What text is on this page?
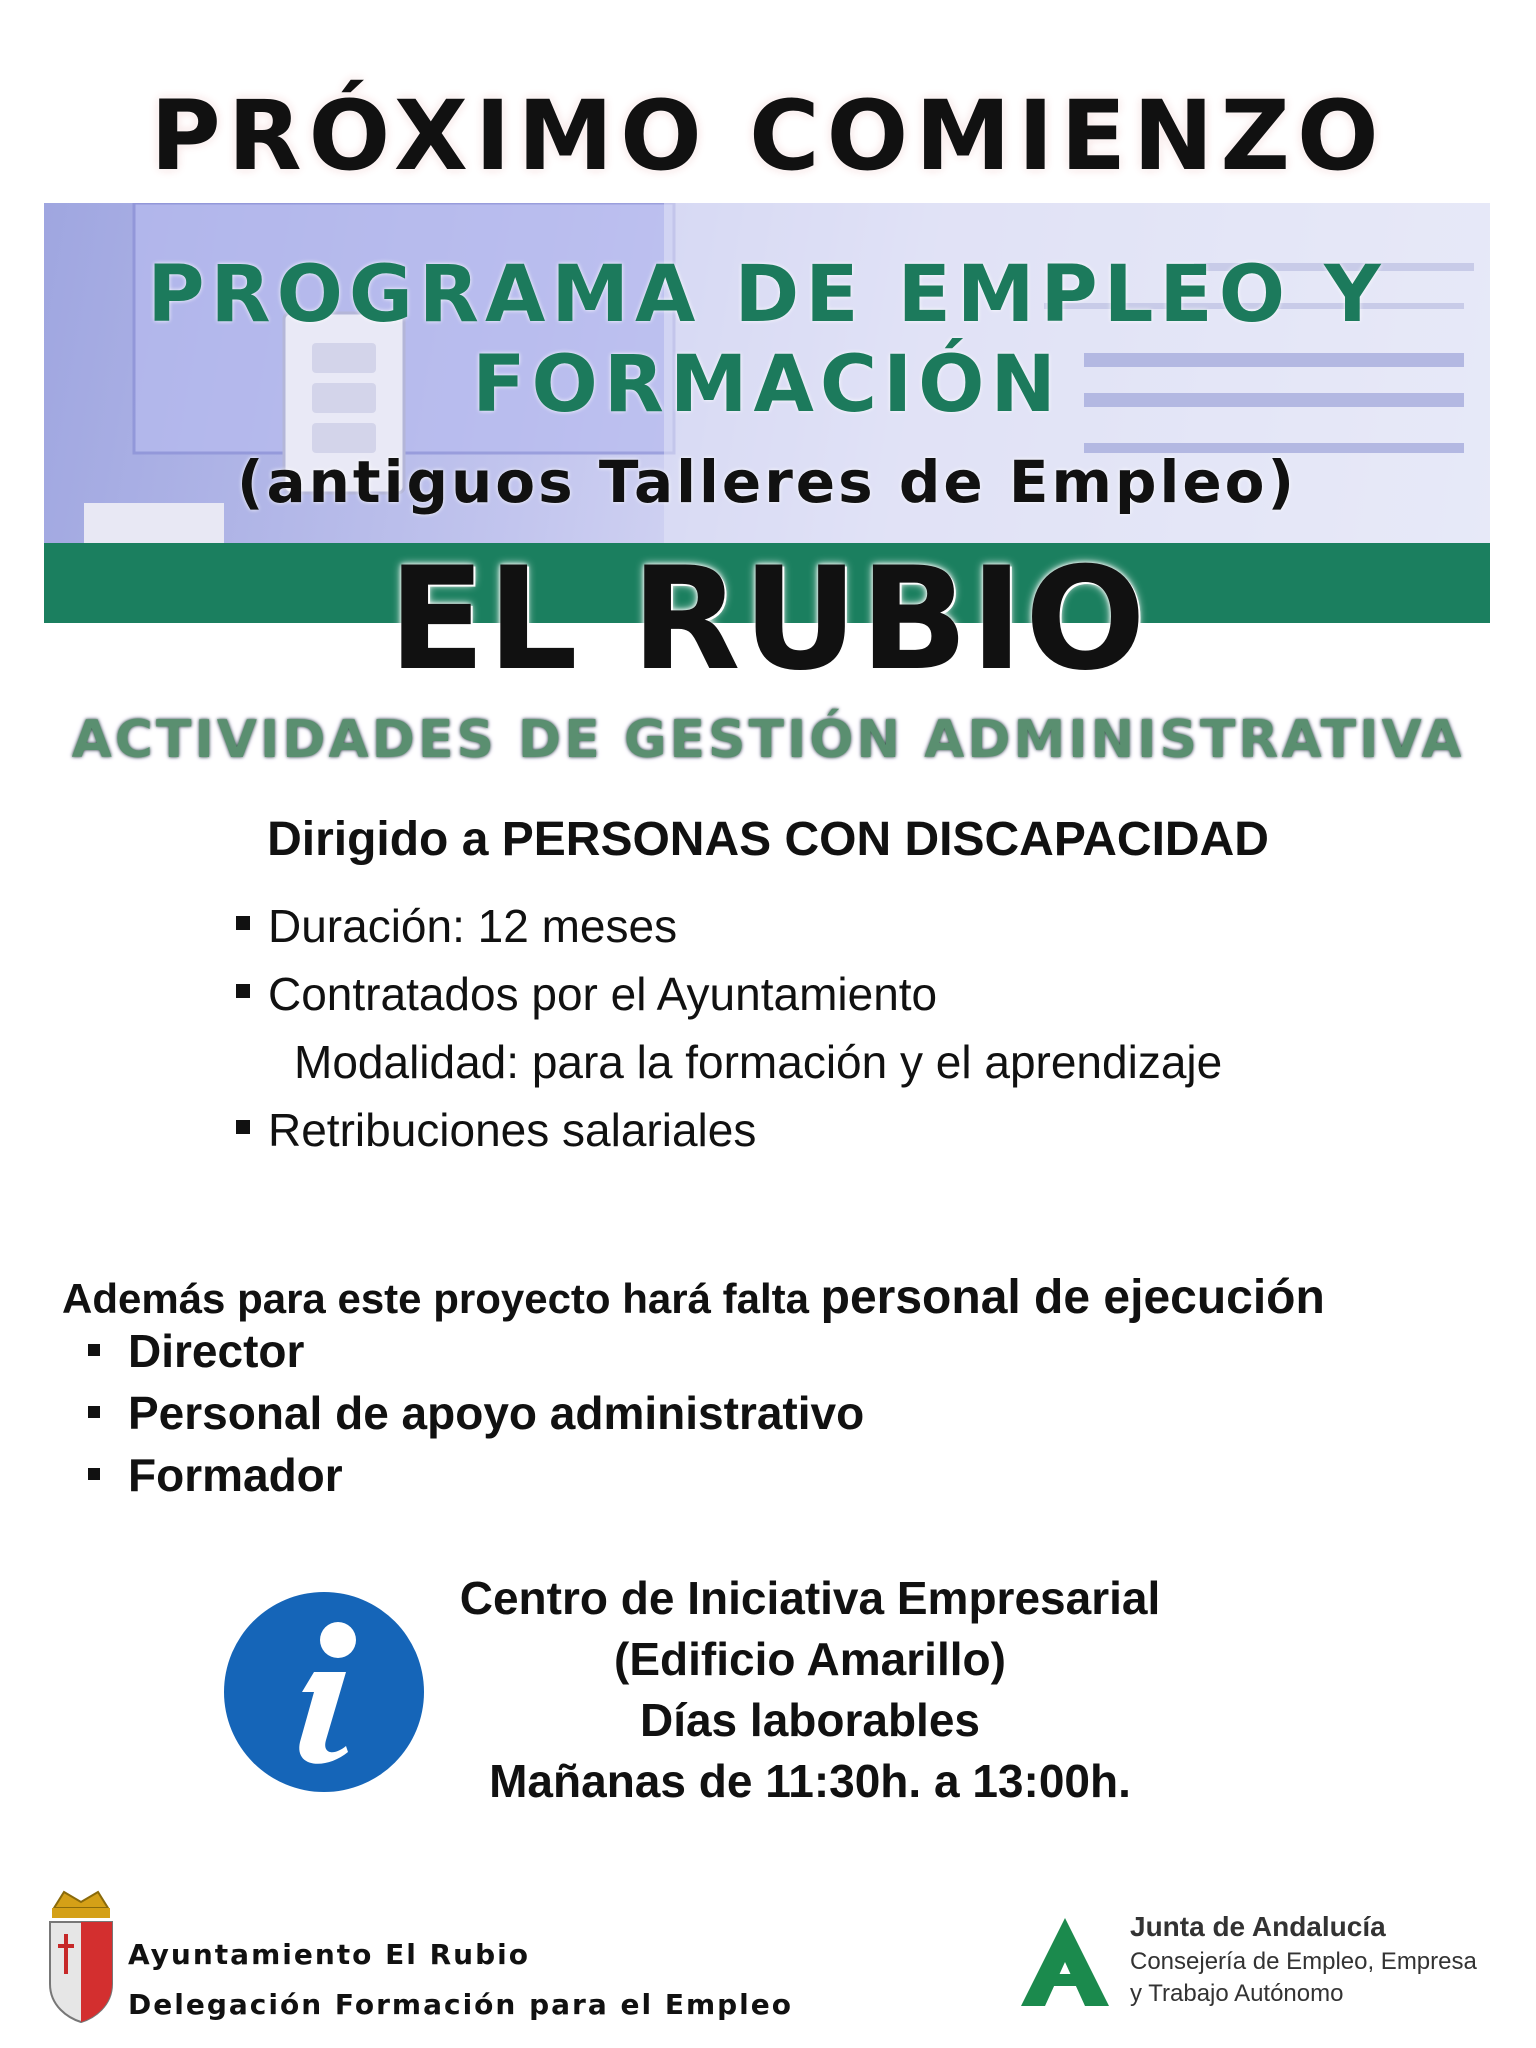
PRÓXIMO COMIENZO
PROGRAMA DE EMPLEO Y
FORMACIÓN
(antiguos Talleres de Empleo)
EL RUBIO
ACTIVIDADES DE GESTIÓN ADMINISTRATIVA
Dirigido a PERSONAS CON DISCAPACIDAD
Duración: 12 meses
Contratados por el Ayuntamiento
Modalidad: para la formación y el aprendizaje
Retribuciones salariales
Además para este proyecto hará falta personal de ejecución
Director
Personal de apoyo administrativo
Formador
Centro de Iniciativa Empresarial
(Edificio Amarillo)
Días laborables
Mañanas de 11:30h. a 13:00h.
Ayuntamiento El Rubio
Delegación Formación para el Empleo
Junta de Andalucía
Consejería de Empleo, Empresa
y Trabajo Autónomo
